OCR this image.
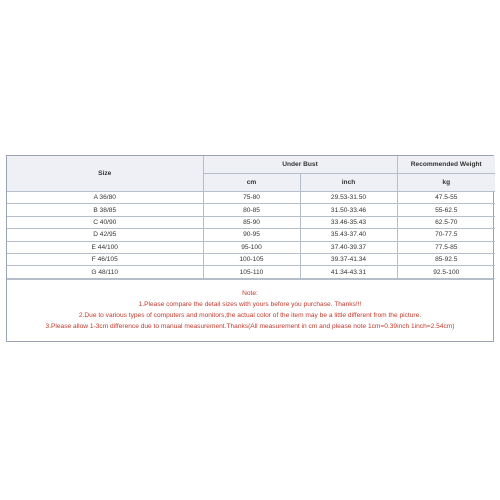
Size	Under Bust		Recommended Weight
	cm	inch	kg
A 36/80	75-80	29.53-31.50	47.5-55
B 38/85	80-85	31.50-33.46	55-62.5
C 40/90	85-90	33.46-35.43	62.5-70
D 42/95	90-95	35.43-37.40	70-77.5
E 44/100	95-100	37.40-39.37	77.5-85
F 46/105	100-105	39.37-41.34	85-92.5
G 48/110	105-110	41.34-43.31	92.5-100
Note:
1.Please compare the detail sizes with yours before you purchase. Thanks!!!
2.Due to various types of computers and monitors,the actual color of the item may be a little different from the picture.
3.Please allow 1-3cm difference due to manual measurement.Thanks(All measurement in cm and please note 1cm=0.39inch 1inch=2.54cm)
